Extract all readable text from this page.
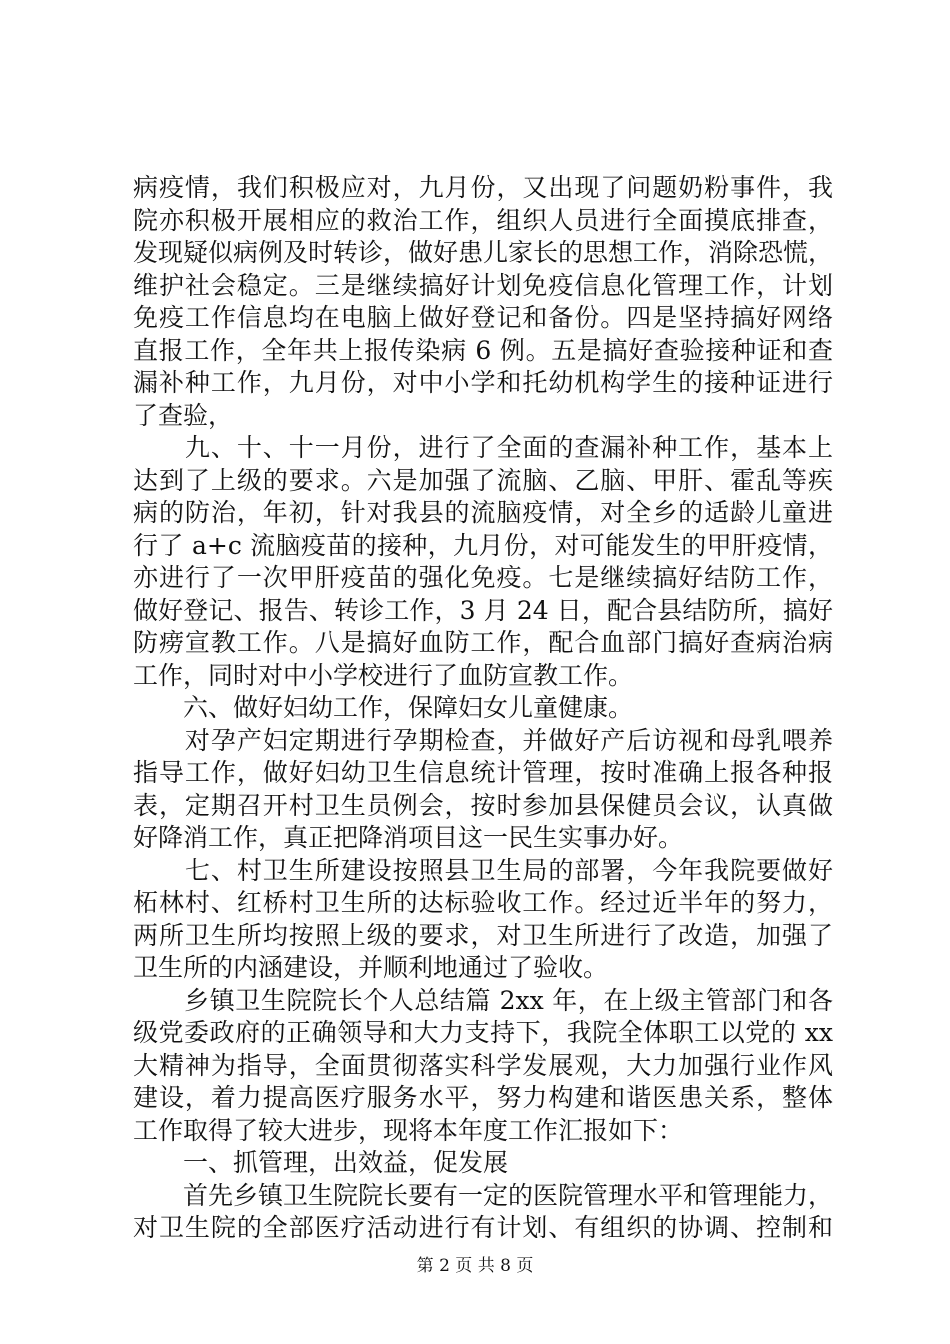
病疫情，我们积极应对，九月份，又出现了问题奶粉事件，我
院亦积极开展相应的救治工作，组织人员进行全面摸底排查，
发现疑似病例及时转诊，做好患儿家长的思想工作，消除恐慌，
维护社会稳定。三是继续搞好计划免疫信息化管理工作，计划
免疫工作信息均在电脑上做好登记和备份。四是坚持搞好网络
直报工作，全年共上报传染病 6 例。五是搞好查验接种证和查
漏补种工作，九月份，对中小学和托幼机构学生的接种证进行
了查验，
　　九、十、十一月份，进行了全面的查漏补种工作，基本上
达到了上级的要求。六是加强了流脑、乙脑、甲肝、霍乱等疾
病的防治，年初，针对我县的流脑疫情，对全乡的适龄儿童进
行了 a+c 流脑疫苗的接种，九月份，对可能发生的甲肝疫情，
亦进行了一次甲肝疫苗的强化免疫。七是继续搞好结防工作，
做好登记、报告、转诊工作，3 月 24 日，配合县结防所，搞好
防痨宣教工作。八是搞好血防工作，配合血部门搞好查病治病
工作，同时对中小学校进行了血防宣教工作。
　　六、做好妇幼工作，保障妇女儿童健康。
　　对孕产妇定期进行孕期检查，并做好产后访视和母乳喂养
指导工作，做好妇幼卫生信息统计管理，按时准确上报各种报
表，定期召开村卫生员例会，按时参加县保健员会议，认真做
好降消工作，真正把降消项目这一民生实事办好。
　　七、村卫生所建设按照县卫生局的部署，今年我院要做好
柘林村、红桥村卫生所的达标验收工作。经过近半年的努力，
两所卫生所均按照上级的要求，对卫生所进行了改造，加强了
卫生所的内涵建设，并顺利地通过了验收。
　　乡镇卫生院院长个人总结篇 2xx 年，在上级主管部门和各
级党委政府的正确领导和大力支持下，我院全体职工以党的 xx
大精神为指导，全面贯彻落实科学发展观，大力加强行业作风
建设，着力提高医疗服务水平，努力构建和谐医患关系，整体
工作取得了较大进步，现将本年度工作汇报如下：
　　一、抓管理，出效益，促发展
　　首先乡镇卫生院院长要有一定的医院管理水平和管理能力，
对卫生院的全部医疗活动进行有计划、有组织的协调、控制和
第 2 页 共 8 页
